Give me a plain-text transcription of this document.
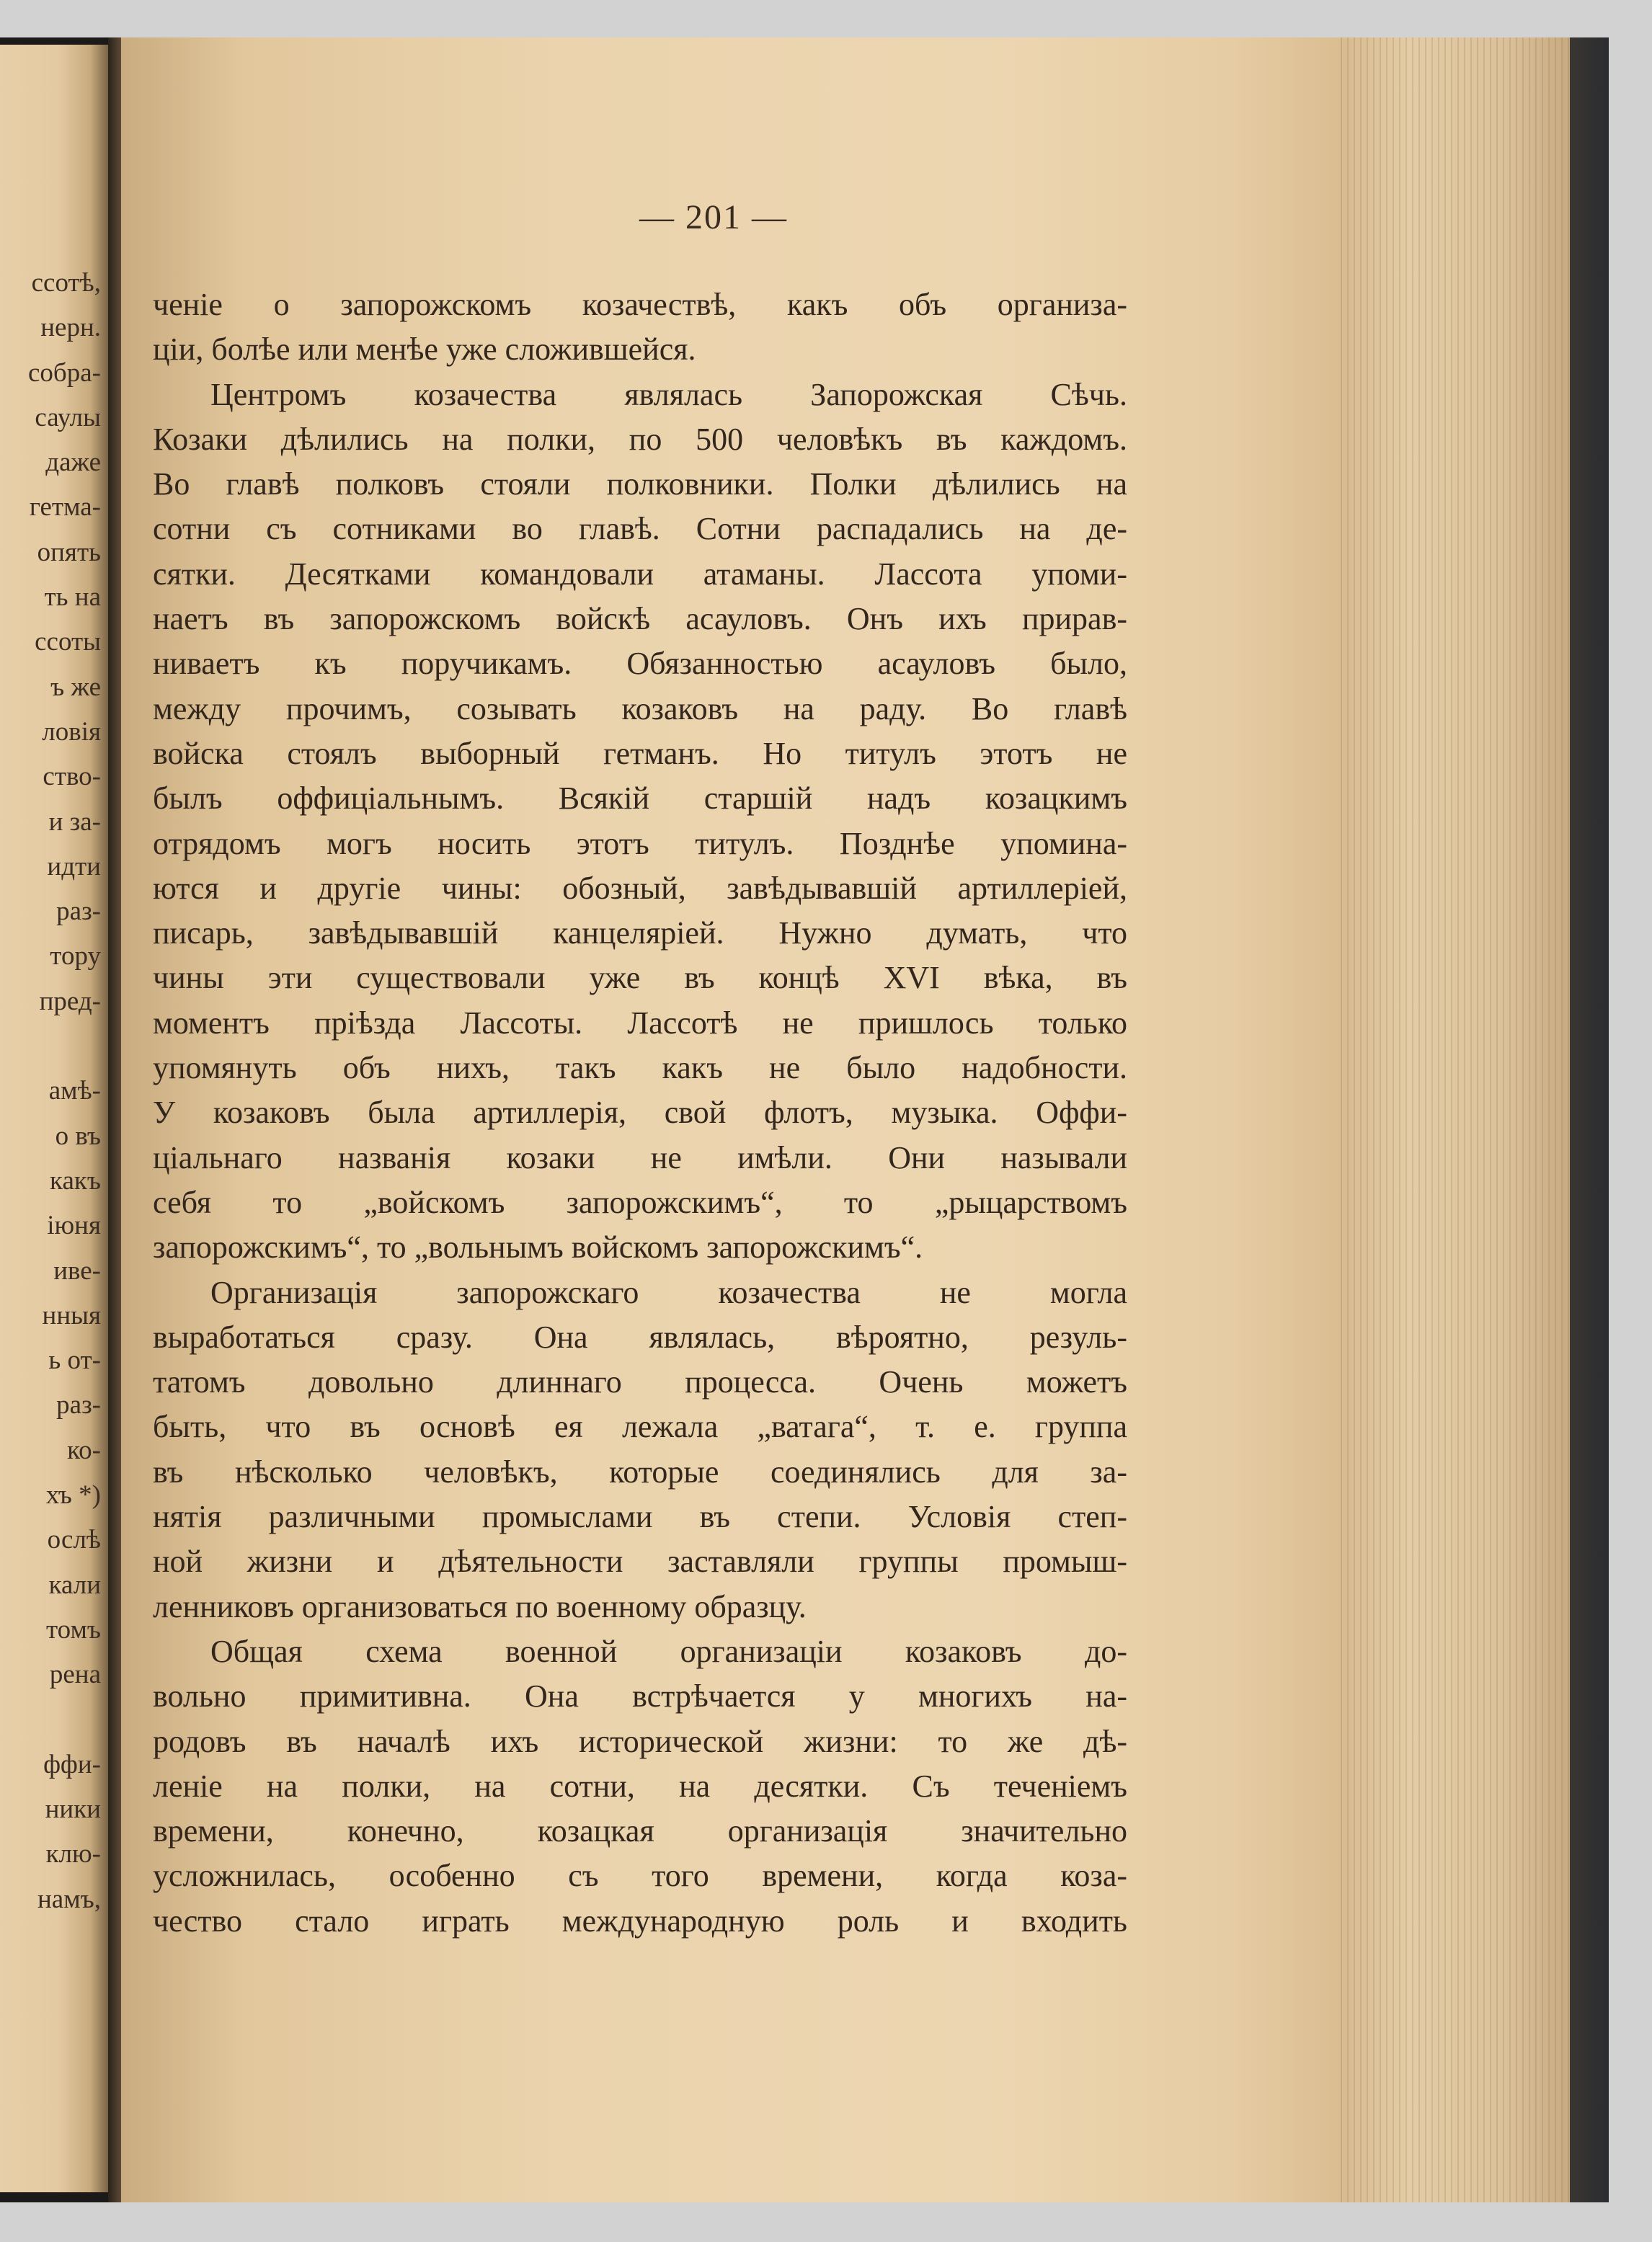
ссотѣ,
нерн.
собра-
саулы
даже
гетма-
опять
ть на
ссоты
ъ же
ловія
ство-
и за-
идти
раз-
тору
пред-
амѣ-
о въ
какъ
іюня
иве-
нныя
ь от-
раз-
ко-
хъ *)
ослѣ
кали
томъ
рена
ффи-
ники
клю-
намъ,
— 201 —
ченіе о запорожскомъ козачествѣ, какъ объ организа-
ціи, болѣе или менѣе уже сложившейся.
Центромъ козачества являлась Запорожская Сѣчь.
Козаки дѣлились на полки, по 500 человѣкъ въ каждомъ.
Во главѣ полковъ стояли полковники. Полки дѣлились на
сотни съ сотниками во главѣ. Сотни распадались на де-
сятки. Десятками командовали атаманы. Лассота упоми-
наетъ въ запорожскомъ войскѣ асауловъ. Онъ ихъ прирав-
ниваетъ къ поручикамъ. Обязанностью асауловъ было,
между прочимъ, созывать козаковъ на раду. Во главѣ
войска стоялъ выборный гетманъ. Но титулъ этотъ не
былъ оффиціальнымъ. Всякій старшій надъ козацкимъ
отрядомъ могъ носить этотъ титулъ. Позднѣе упомина-
ются и другіе чины: обозный, завѣдывавшій артиллеріей,
писарь, завѣдывавшій канцеляріей. Нужно думать, что
чины эти существовали уже въ концѣ XVI вѣка, въ
моментъ пріѣзда Лассоты. Лассотѣ не пришлось только
упомянуть объ нихъ, такъ какъ не было надобности.
У козаковъ была артиллерія, свой флотъ, музыка. Оффи-
ціальнаго названія козаки не имѣли. Они называли
себя то „войскомъ запорожскимъ“, то „рыцарствомъ
запорожскимъ“, то „вольнымъ войскомъ запорожскимъ“.
Организація запорожскаго козачества не могла
выработаться сразу. Она являлась, вѣроятно, резуль-
татомъ довольно длиннаго процесса. Очень можетъ
быть, что въ основѣ ея лежала „ватага“, т. е. группа
въ нѣсколько человѣкъ, которые соединялись для за-
нятія различными промыслами въ степи. Условія степ-
ной жизни и дѣятельности заставляли группы промыш-
ленниковъ организоваться по военному образцу.
Общая схема военной организаціи козаковъ до-
вольно примитивна. Она встрѣчается у многихъ на-
родовъ въ началѣ ихъ исторической жизни: то же дѣ-
леніе на полки, на сотни, на десятки. Съ теченіемъ
времени, конечно, козацкая организація значительно
усложнилась, особенно съ того времени, когда коза-
чество стало играть международную роль и входить
